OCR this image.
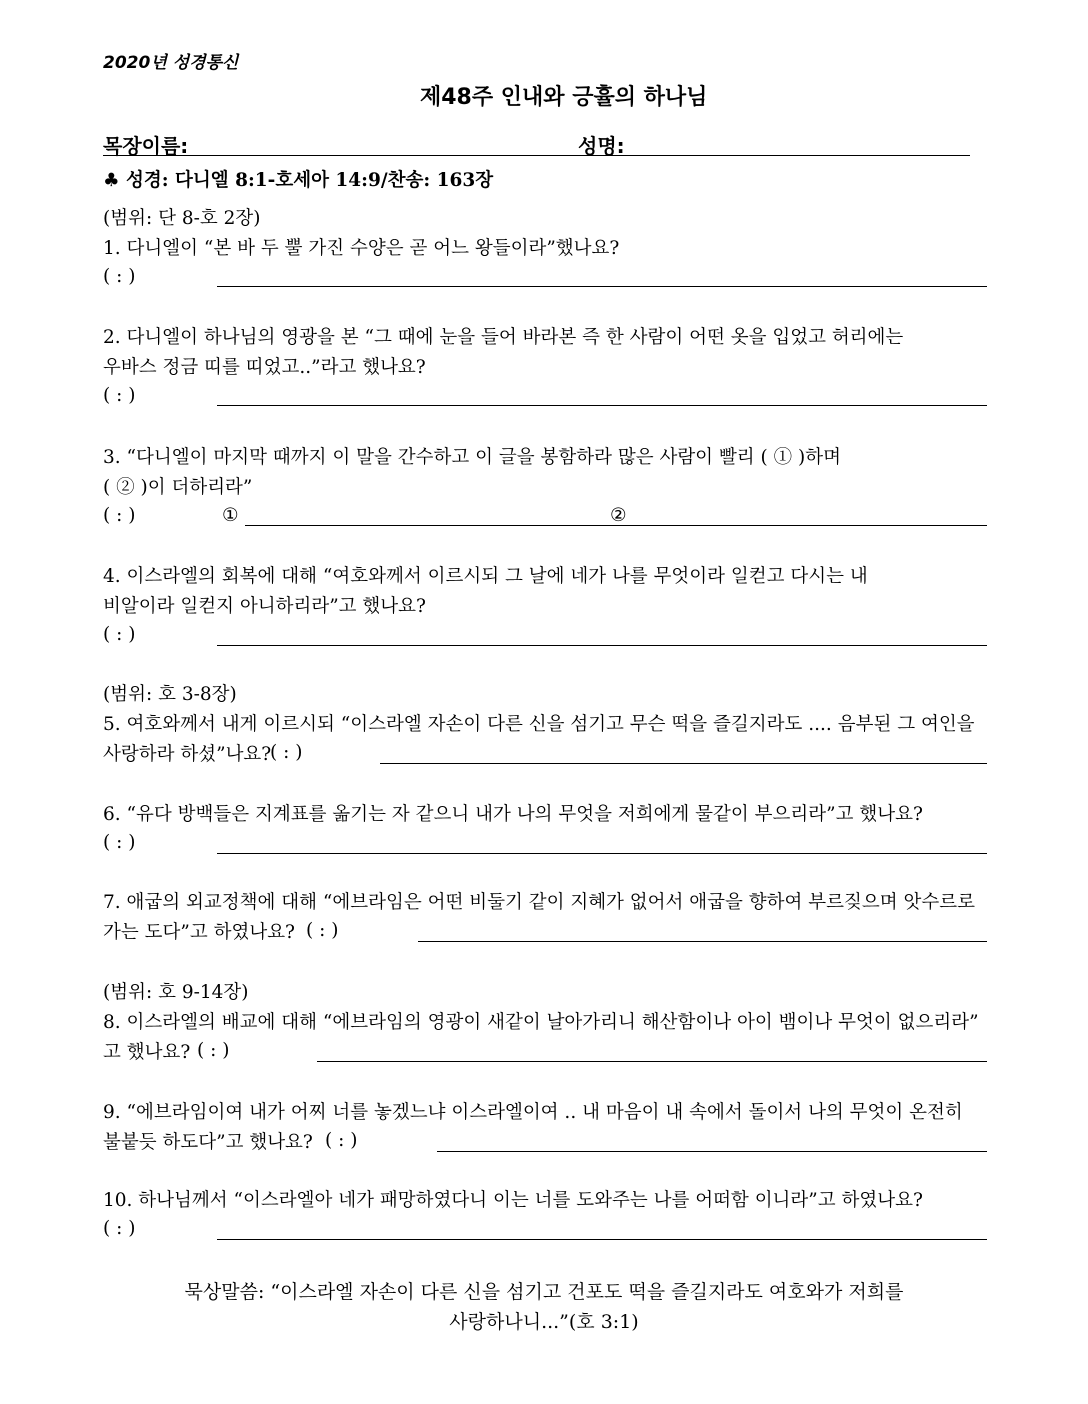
2020년 성경통신
제48주 인내와 긍휼의 하나님
목장이름:	성명:
♣ 성경: 다니엘 8:1-호세아 14:9/찬송: 163장
(범위: 단 8-호 2장)
1. 다니엘이 “본 바 두 뿔 가진 수양은 곧 어느 왕들이라”했나요?
( : )
2. 다니엘이 하나님의 영광을 본 “그 때에 눈을 들어 바라본 즉 한 사람이 어떤 옷을 입었고 허리에는
우바스 정금 띠를 띠었고..”라고 했나요?
( : )
3. “다니엘이 마지막 때까지 이 말을 간수하고 이 글을 봉함하라 많은 사람이 빨리 ( ① )하며
( ② )이 더하리라”
( : )	①	②
4. 이스라엘의 회복에 대해 “여호와께서 이르시되 그 날에 네가 나를 무엇이라 일컫고 다시는 내
비알이라 일컫지 아니하리라”고 했나요?
( : )
(범위: 호 3-8장)
5. 여호와께서 내게 이르시되 “이스라엘 자손이 다른 신을 섬기고 무슨 떡을 즐길지라도 .... 음부된 그 여인을
사랑하라 하셨”나요?
( : )
6. “유다 방백들은 지계표를 옮기는 자 같으니 내가 나의 무엇을 저희에게 물같이 부으리라”고 했나요?
( : )
7. 애굽의 외교정책에 대해 “에브라임은 어떤 비둘기 같이 지혜가 없어서 애굽을 향하여 부르짖으며 앗수르로
가는 도다”고 하였나요? ( : )
(범위: 호 9-14장)
8. 이스라엘의 배교에 대해 “에브라임의 영광이 새같이 날아가리니 해산함이나 아이 뱀이나 무엇이 없으리라”
고 했나요? ( : )
9. “에브라임이여 내가 어찌 너를 놓겠느냐 이스라엘이여 .. 내 마음이 내 속에서 돌이서 나의 무엇이 온전히
불붙듯 하도다”고 했나요? ( : )
10. 하나님께서 “이스라엘아 네가 패망하였다니 이는 너를 도와주는 나를 어떠함 이니라”고 하였나요?
( : )
묵상말씀: “이스라엘 자손이 다른 신을 섬기고 건포도 떡을 즐길지라도 여호와가 저희를
사랑하나니...”(호 3:1)
